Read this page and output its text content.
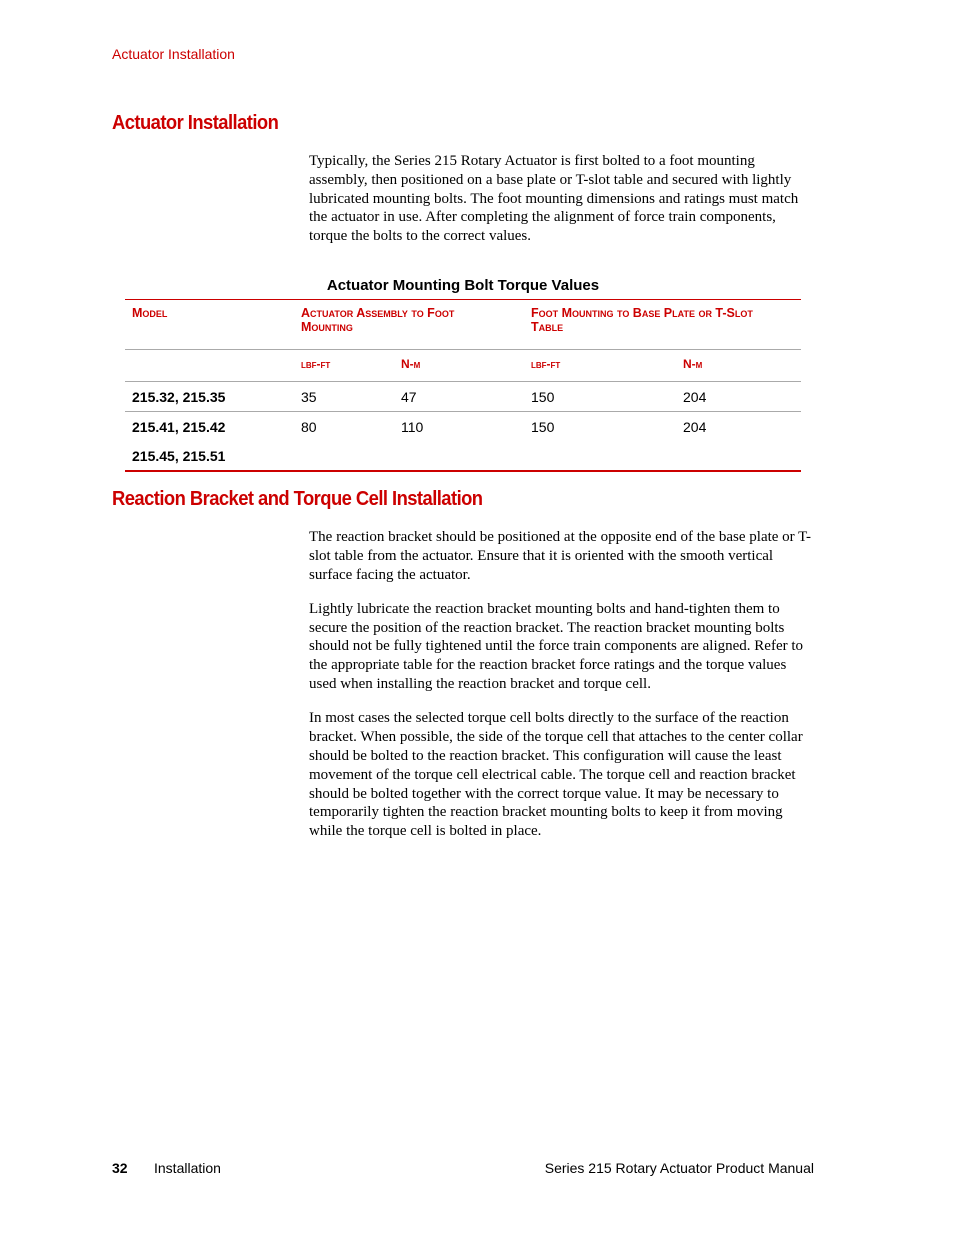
Actuator Installation
Actuator Installation

Typically, the Series 215 Rotary Actuator is first bolted to a foot mounting assembly, then positioned on a base plate or T-slot table and secured with lightly lubricated mounting bolts. The foot mounting dimensions and ratings must match the actuator in use. After completing the alignment of force train components, torque the bolts to the correct values.

Actuator Mounting Bolt Torque Values
Model	Actuator Assembly to Foot Mounting		Foot Mounting to Base Plate or T-Slot Table	
	lbf-ft	N-m	lbf-ft	N-m
215.32, 215.35	35	47	150	204
215.41, 215.42	80	110	150	204
215.45, 215.51				
Reaction Bracket and Torque Cell Installation

The reaction bracket should be positioned at the opposite end of the base plate or T-slot table from the actuator. Ensure that it is oriented with the smooth vertical surface facing the actuator.

Lightly lubricate the reaction bracket mounting bolts and hand-tighten them to secure the position of the reaction bracket. The reaction bracket mounting bolts should not be fully tightened until the force train components are aligned. Refer to the appropriate table for the reaction bracket force ratings and the torque values used when installing the reaction bracket and torque cell.

In most cases the selected torque cell bolts directly to the surface of the reaction bracket. When possible, the side of the torque cell that attaches to the center collar should be bolted to the reaction bracket. This configuration will cause the least movement of the torque cell electrical cable. The torque cell and reaction bracket should be bolted together with the correct torque value. It may be necessary to temporarily tighten the reaction bracket mounting bolts to keep it from moving while the torque cell is bolted in place.

32 Installation	Series 215 Rotary Actuator Product Manual
